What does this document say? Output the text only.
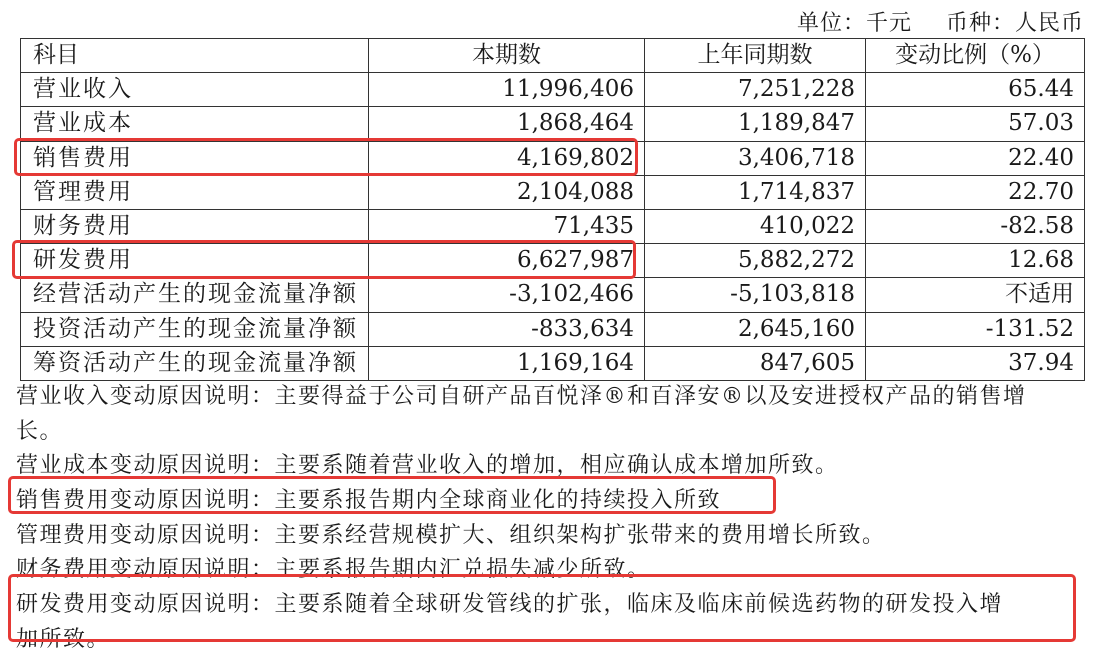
单位：千元 币种：人民币
科目	本期数	上年同期数	变动比例（%）
营业收入	11,996,406	7,251,228	65.44
营业成本	1,868,464	1,189,847	57.03
销售费用	4,169,802	3,406,718	22.40
管理费用	2,104,088	1,714,837	22.70
财务费用	71,435	410,022	-82.58
研发费用	6,627,987	5,882,272	12.68
经营活动产生的现金流量净额	-3,102,466	-5,103,818	不适用
投资活动产生的现金流量净额	-833,634	2,645,160	-131.52
筹资活动产生的现金流量净额	1,169,164	847,605	37.94
营业收入变动原因说明：主要得益于公司自研产品百悦泽®和百泽安®以及安进授权产品的销售增
长。
营业成本变动原因说明：主要系随着营业收入的增加，相应确认成本增加所致。
销售费用变动原因说明：主要系报告期内全球商业化的持续投入所致
管理费用变动原因说明：主要系经营规模扩大、组织架构扩张带来的费用增长所致。
财务费用变动原因说明：主要系报告期内汇兑损失减少所致。
研发费用变动原因说明：主要系随着全球研发管线的扩张，临床及临床前候选药物的研发投入增
加所致。
